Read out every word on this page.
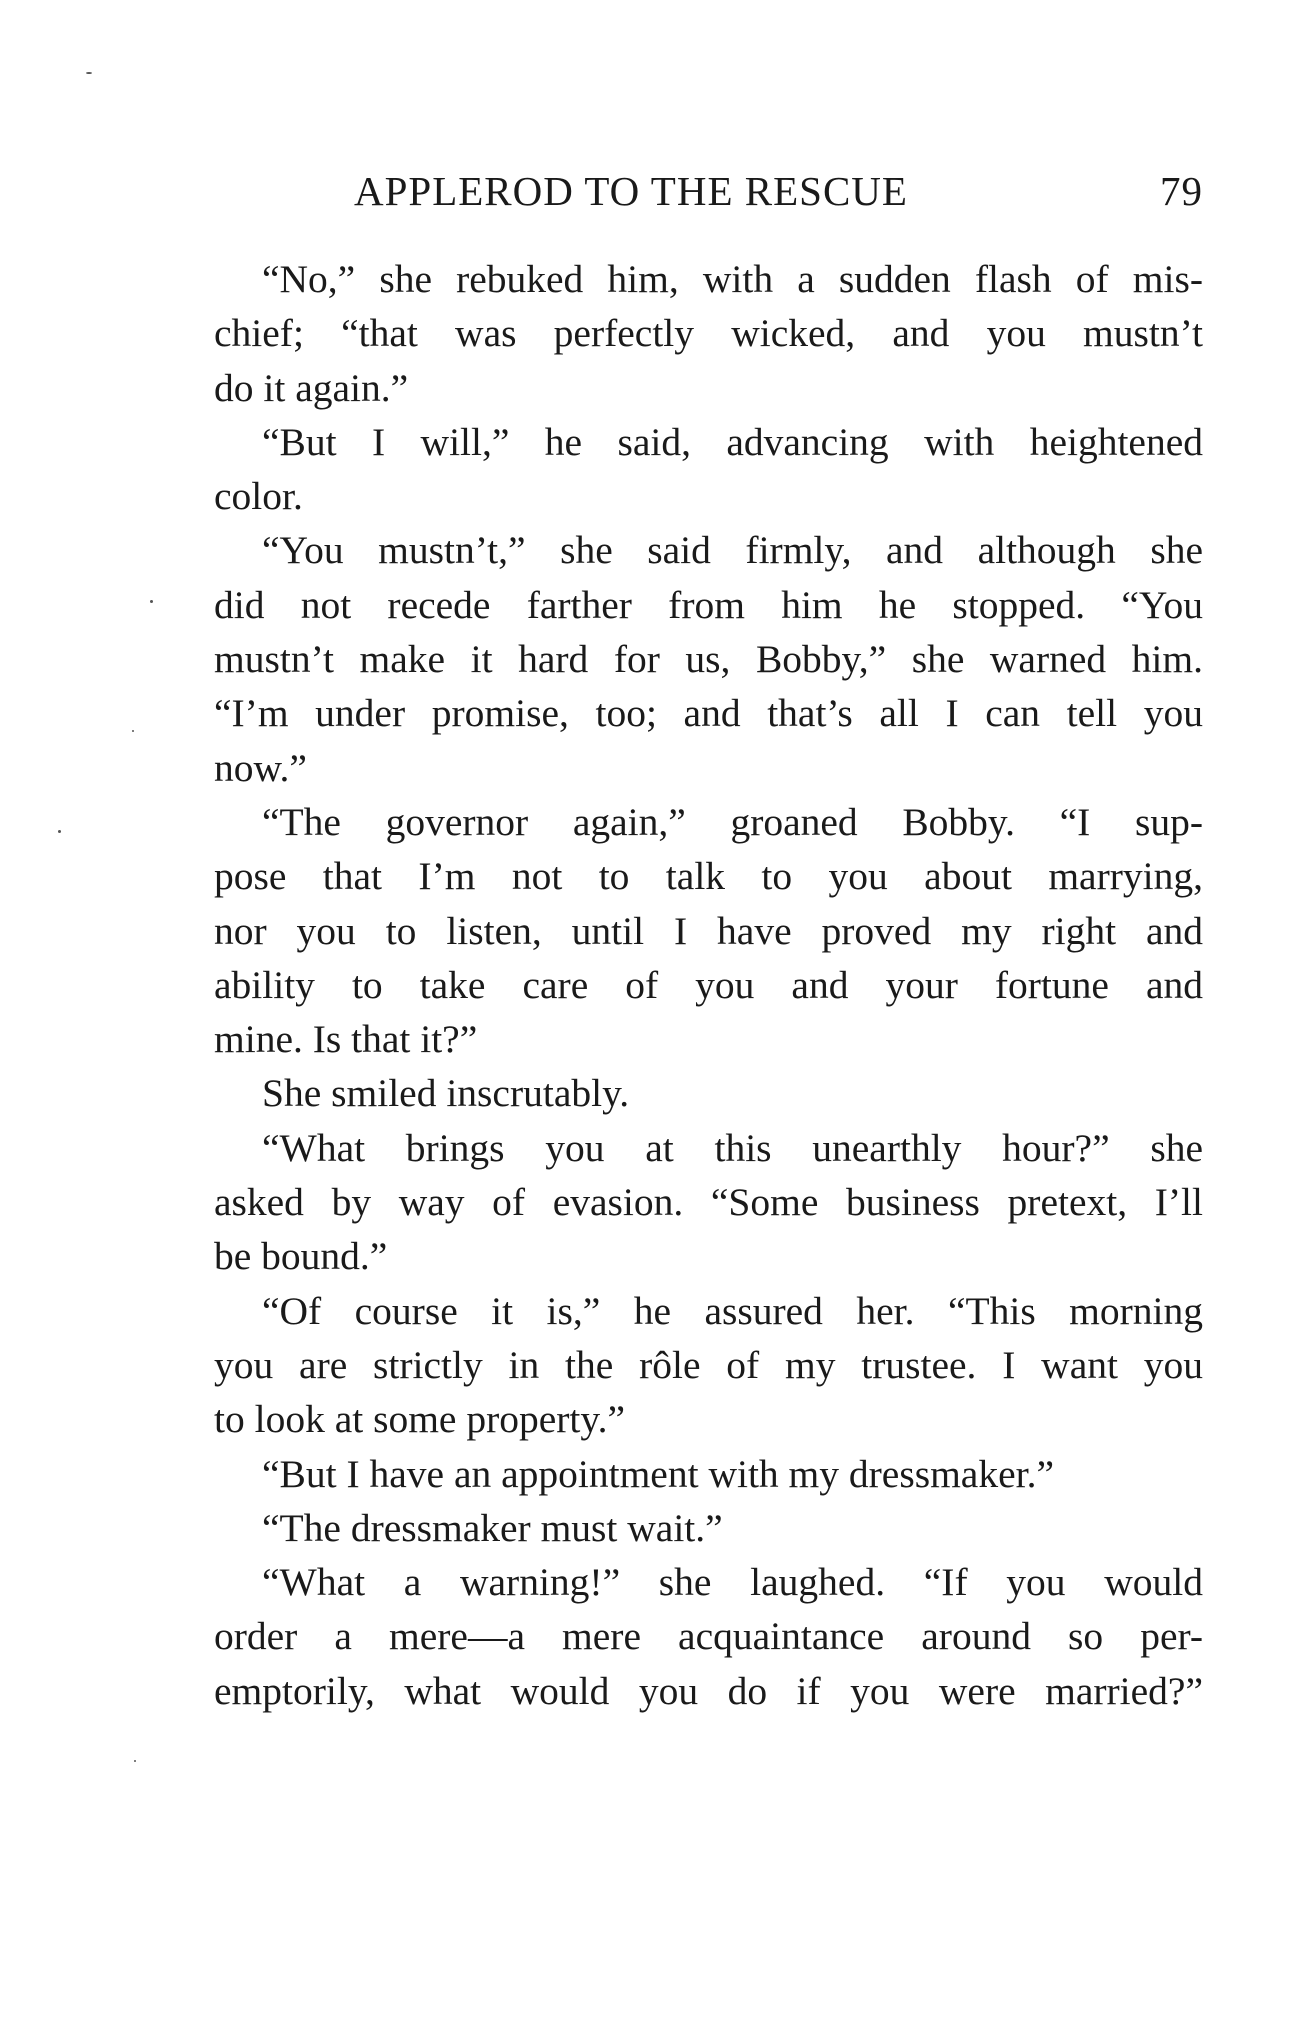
APPLEROD TO THE RESCUE	79
“No,” she rebuked him, with a sudden flash of mis-
chief; “that was perfectly wicked, and you mustn’t
do it again.”
“But I will,” he said, advancing with heightened
color.
“You mustn’t,” she said firmly, and although she
did not recede farther from him he stopped. “You
mustn’t make it hard for us, Bobby,” she warned him.
“I’m under promise, too; and that’s all I can tell you
now.”
“The governor again,” groaned Bobby. “I sup-
pose that I’m not to talk to you about marrying,
nor you to listen, until I have proved my right and
ability to take care of you and your fortune and
mine. Is that it?”
She smiled inscrutably.
“What brings you at this unearthly hour?” she
asked by way of evasion. “Some business pretext, I’ll
be bound.”
“Of course it is,” he assured her. “This morning
you are strictly in the rôle of my trustee. I want you
to look at some property.”
“But I have an appointment with my dressmaker.”
“The dressmaker must wait.”
“What a warning!” she laughed. “If you would
order a mere—a mere acquaintance around so per-
emptorily, what would you do if you were married?”
